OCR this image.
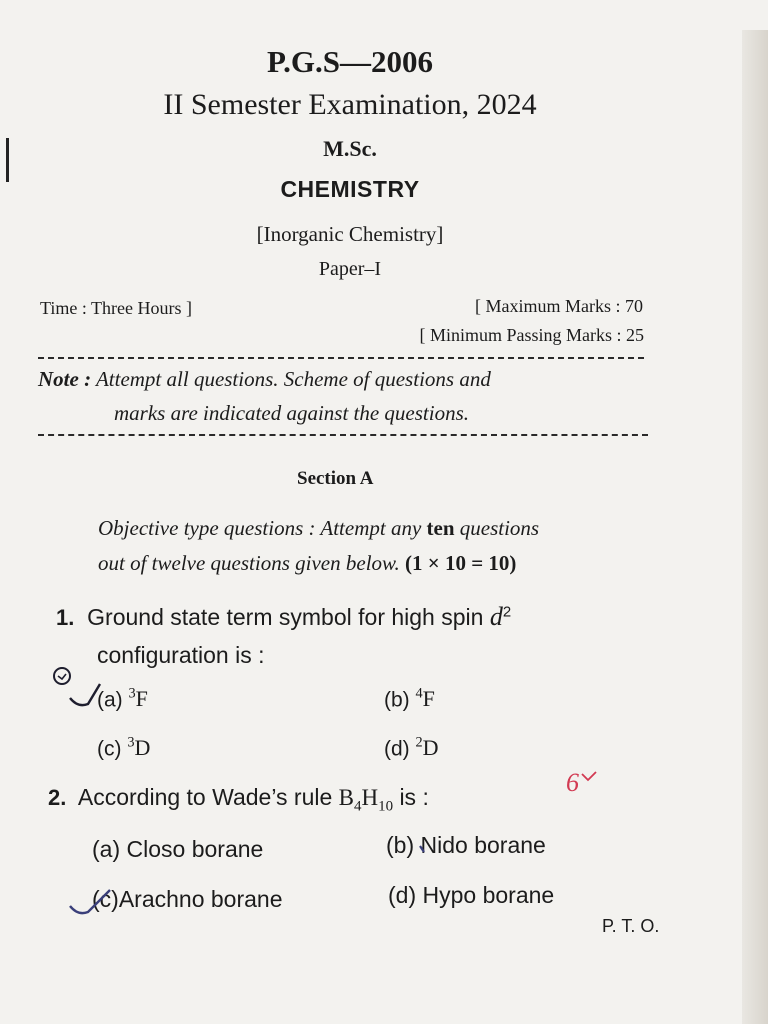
P.G.S—2006
II Semester Examination, 2024
M.Sc.
CHEMISTRY
[Inorganic Chemistry]
Paper–I
Time : Three Hours ]	[ Maximum Marks : 70
[ Minimum Passing Marks : 25
Note : Attempt all questions. Scheme of questions and
marks are indicated against the questions.
Section A
Objective type questions : Attempt any ten questions
out of twelve questions given below. (1 × 10 = 10)
1. Ground state term symbol for high spin $d^2$
configuration is :
(a) $^3$F	(b) $^4$F
(c) $^3$D	(d) $^2$D
2. According to Wade’s rule $B_4H_{10}$ is :
(a) Closo borane	(b) Nido borane
(c)Arachno borane	(d) Hypo borane
P. T. O.
6
